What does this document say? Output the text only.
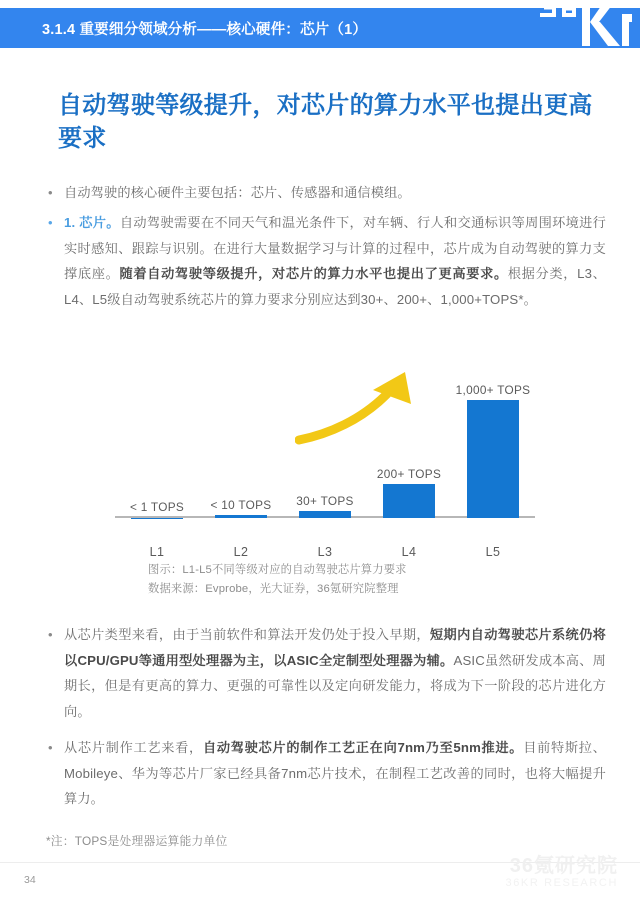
3.1.4 重要细分领域分析——核心硬件：芯片（1）
自动驾驶等级提升，对芯片的算力水平也提出更高要求
• 自动驾驶的核心硬件主要包括：芯片、传感器和通信模组。
• 1. 芯片。自动驾驶需要在不同天气和温光条件下，对车辆、行人和交通标识等周围环境进行实时感知、跟踪与识别。在进行大量数据学习与计算的过程中，芯片成为自动驾驶的算力支撑底座。随着自动驾驶等级提升，对芯片的算力水平也提出了更高要求。根据分类，L3、L4、L5级自动驾驶系统芯片的算力要求分别应达到30+、200+、1,000+TOPS*。
< 1 TOPS < 10 TOPS 30+ TOPS
200+ TOPS
1,000+ TOPS
L1	L2	L3	L4	L5
图示：L1-L5不同等级对应的自动驾驶芯片算力要求
数据来源：Evprobe，光大证券，36氪研究院整理
• 从芯片类型来看，由于当前软件和算法开发仍处于投入早期，短期内自动驾驶芯片系统仍将以CPU/GPU等通用型处理器为主，以ASIC全定制型处理器为辅。ASIC虽然研发成本高、周期长，但是有更高的算力、更强的可靠性以及定向研发能力，将成为下一阶段的芯片进化方向。
• 从芯片制作工艺来看，自动驾驶芯片的制作工艺正在向7nm乃至5nm推进。目前特斯拉、Mobileye、华为等芯片厂家已经具备7nm芯片技术，在制程工艺改善的同时，也将大幅提升算力。
*注：TOPS是处理器运算能力单位
34
36氪研究院
36KR RESEARCH
